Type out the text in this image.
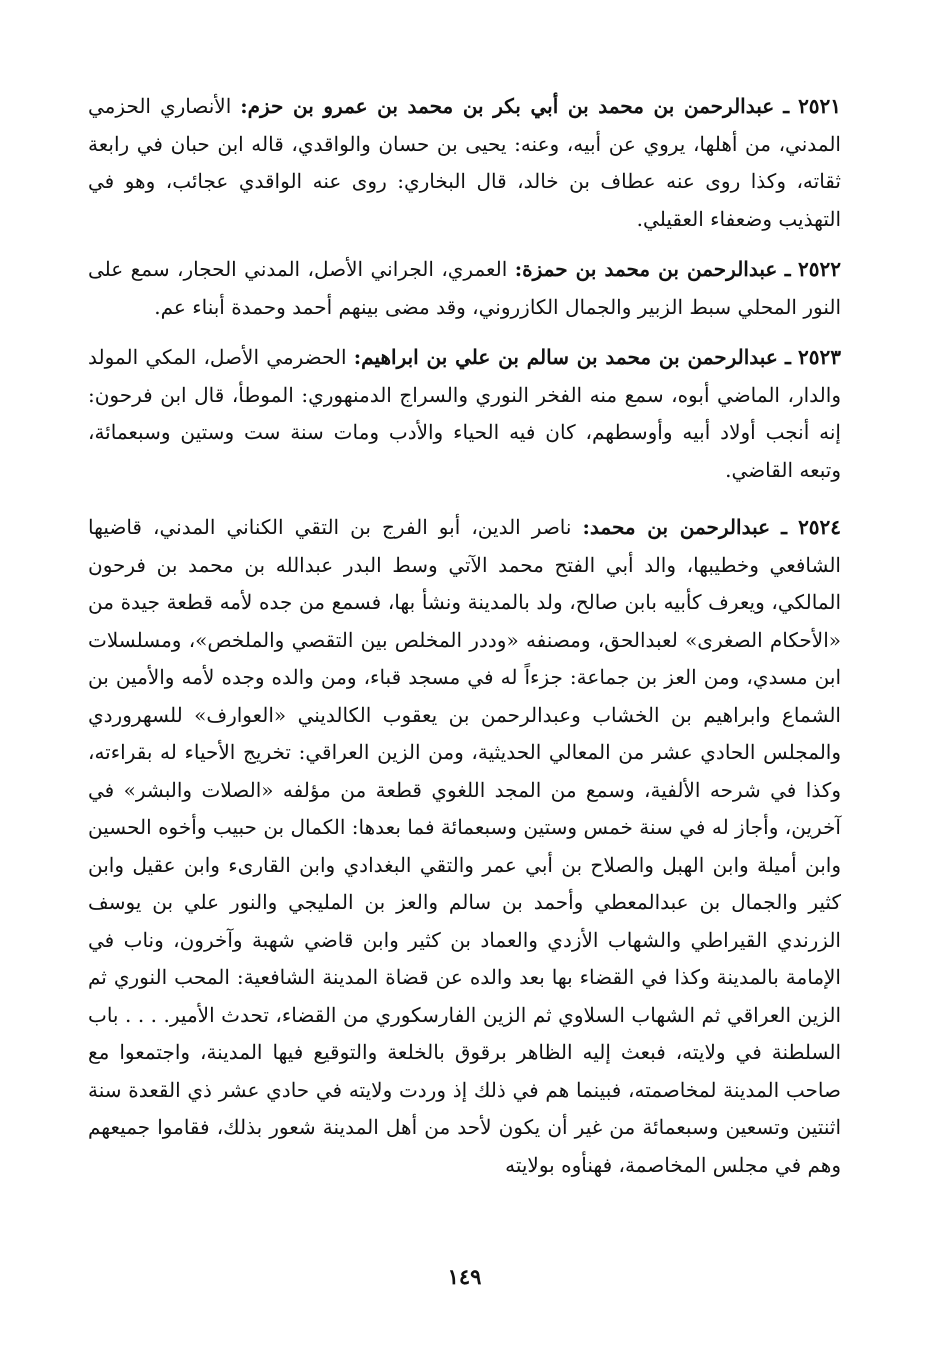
٢٥٢١ ـ عبدالرحمن بن محمد بن أبي بكر بن محمد بن عمرو بن حزم: الأنصاري الحزمي المدني، من أهلها، يروي عن أبيه، وعنه: يحيى بن حسان والواقدي، قاله ابن حبان في رابعة ثقاته، وكذا روى عنه عطاف بن خالد، قال البخاري: روى عنه الواقدي عجائب، وهو في التهذيب وضعفاء العقيلي.

٢٥٢٢ ـ عبدالرحمن بن محمد بن حمزة: العمري، الجراني الأصل، المدني الحجار، سمع على النور المحلي سبط الزبير والجمال الكازروني، وقد مضى بينهم أحمد وحمدة أبناء عم.

٢٥٢٣ ـ عبدالرحمن بن محمد بن سالم بن علي بن ابراهيم: الحضرمي الأصل، المكي المولد والدار، الماضي أبوه، سمع منه الفخر النوري والسراج الدمنهوري: الموطأ، قال ابن فرحون: إنه أنجب أولاد أبيه وأوسطهم، كان فيه الحياء والأدب ومات سنة ست وستين وسبعمائة، وتبعه القاضي.

٢٥٢٤ ـ عبدالرحمن بن محمد: ناصر الدين، أبو الفرج بن التقي الكناني المدني، قاضيها الشافعي وخطيبها، والد أبي الفتح محمد الآتي وسط البدر عبدالله بن محمد بن فرحون المالكي، ويعرف كأبيه بابن صالح، ولد بالمدينة ونشأ بها، فسمع من جده لأمه قطعة جيدة من «الأحكام الصغرى» لعبدالحق، ومصنفه «وددر المخلص بين التقصي والملخص»، ومسلسلات ابن مسدي، ومن العز بن جماعة: جزءاً له في مسجد قباء، ومن والده وجده لأمه والأمين بن الشماع وابراهيم بن الخشاب وعبدالرحمن بن يعقوب الكالديني «العوارف» للسهروردي والمجلس الحادي عشر من المعالي الحديثية، ومن الزين العراقي: تخريج الأحياء له بقراءته، وكذا في شرحه الألفية، وسمع من المجد اللغوي قطعة من مؤلفه «الصلات والبشر» في آخرين، وأجاز له في سنة خمس وستين وسبعمائة فما بعدها: الكمال بن حبيب وأخوه الحسين وابن أميلة وابن الهبل والصلاح بن أبي عمر والتقي البغدادي وابن القارىء وابن عقيل وابن كثير والجمال بن عبدالمعطي وأحمد بن سالم والعز بن المليجي والنور علي بن يوسف الزرندي القيراطي والشهاب الأزدي والعماد بن كثير وابن قاضي شهبة وآخرون، وناب في الإمامة بالمدينة وكذا في القضاء بها بعد والده عن قضاة المدينة الشافعية: المحب النوري ثم الزين العراقي ثم الشهاب السلاوي ثم الزين الفارسكوري من القضاء، تحدث الأمير. . . . باب السلطنة في ولايته، فبعث إليه الظاهر برقوق بالخلعة والتوقيع فيها المدينة، واجتمعوا مع صاحب المدينة لمخاصمته، فبينما هم في ذلك إذ وردت ولايته في حادي عشر ذي القعدة سنة اثنتين وتسعين وسبعمائة من غير أن يكون لأحد من أهل المدينة شعور بذلك، فقاموا جميعهم وهم في مجلس المخاصمة، فهنأوه بولايته

١٤٩
